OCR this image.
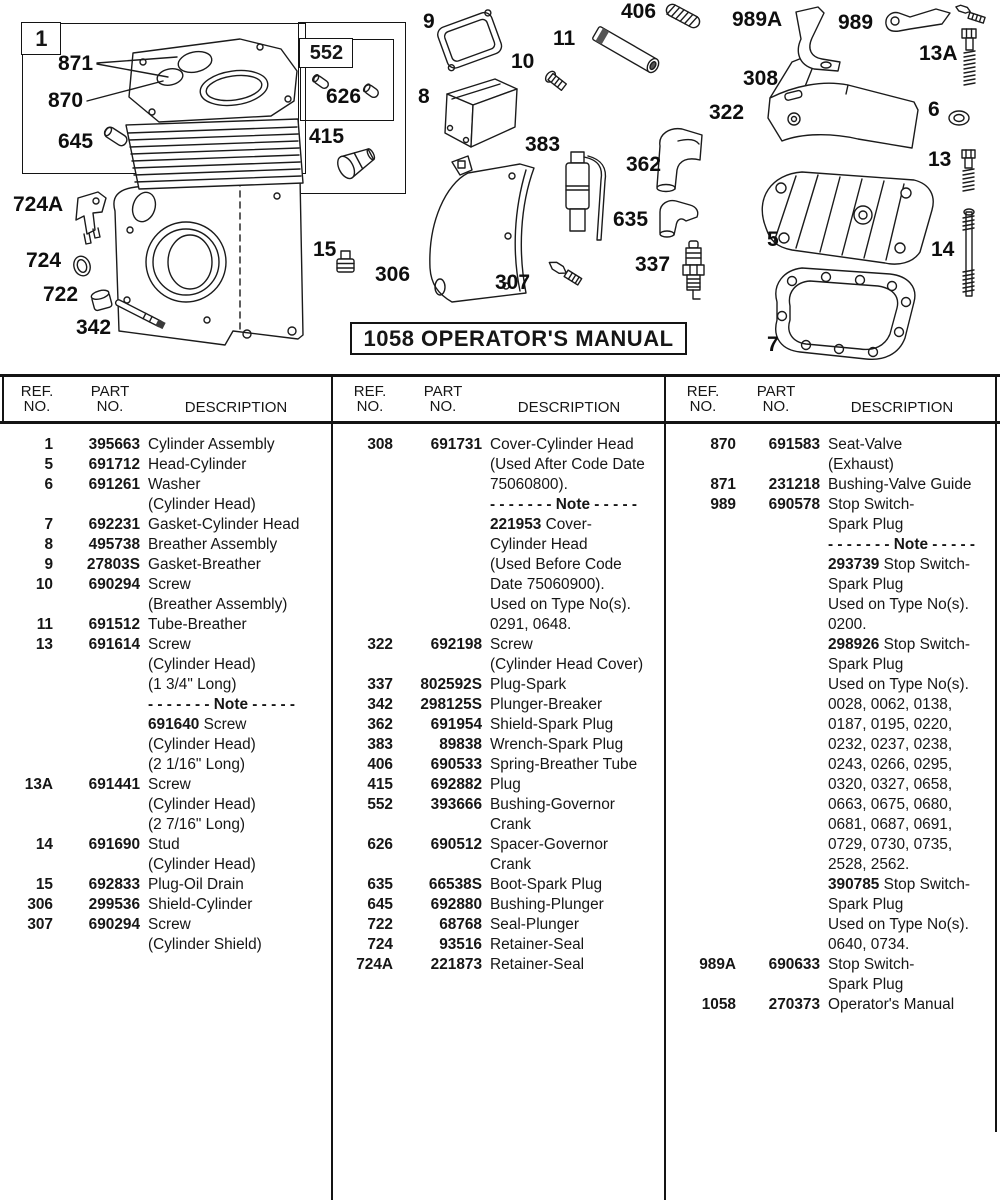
1
552
5
6
7
8
9
10
11
13
14
15
306	307
308
322
337
342
362
383
406
415
626
635
645
722
724
870
871
989
724A
989A
13A
1058 OPERATOR'S MANUAL
REF.
NO.
PART
NO.	DESCRIPTION
1	395663 Cylinder Assembly
5	691712 Head-Cylinder
6	691261 Washer
(Cylinder Head)
7	692231 Gasket-Cylinder Head
8	495738 Breather Assembly
9	27803S Gasket-Breather
10	690294 Screw
(Breather Assembly)
11	691512 Tube-Breather
13	691614 Screw
(Cylinder Head)
(1 3/4" Long)
- - - - - - - Note - - - - -
691640 Screw
(Cylinder Head)
(2 1/16" Long)
13A	691441 Screw
(Cylinder Head)
(2 7/16" Long)
14	691690 Stud
(Cylinder Head)
15	692833 Plug-Oil Drain
306	299536 Shield-Cylinder
307	690294 Screw
(Cylinder Shield)
REF.
NO.
PART
NO.	DESCRIPTION
308	691731 Cover-Cylinder Head
(Used After Code Date
75060800).
- - - - - - - Note - - - - -
221953 Cover-
Cylinder Head
(Used Before Code
Date 75060900).
Used on Type No(s).
0291, 0648.
322	692198 Screw
(Cylinder Head Cover)
337	802592S Plug-Spark
342	298125S Plunger-Breaker
362	691954 Shield-Spark Plug
383	89838 Wrench-Spark Plug
406	690533 Spring-Breather Tube
415	692882 Plug
552	393666 Bushing-Governor
Crank
626	690512 Spacer-Governor
Crank
635	66538S Boot-Spark Plug
645	692880 Bushing-Plunger
722	68768 Seal-Plunger
724	93516 Retainer-Seal
724A	221873 Retainer-Seal
REF.
NO.
PART
NO.	DESCRIPTION
870	691583 Seat-Valve
(Exhaust)
871	231218 Bushing-Valve Guide
989	690578 Stop Switch-
Spark Plug
- - - - - - - Note - - - - -
293739 Stop Switch-
Spark Plug
Used on Type No(s).
0200.
298926 Stop Switch-
Spark Plug
Used on Type No(s).
0028, 0062, 0138,
0187, 0195, 0220,
0232, 0237, 0238,
0243, 0266, 0295,
0320, 0327, 0658,
0663, 0675, 0680,
0681, 0687, 0691,
0729, 0730, 0735,
2528, 2562.
390785 Stop Switch-
Spark Plug
Used on Type No(s).
0640, 0734.
989A	690633 Stop Switch-
Spark Plug
1058	270373 Operator's Manual
